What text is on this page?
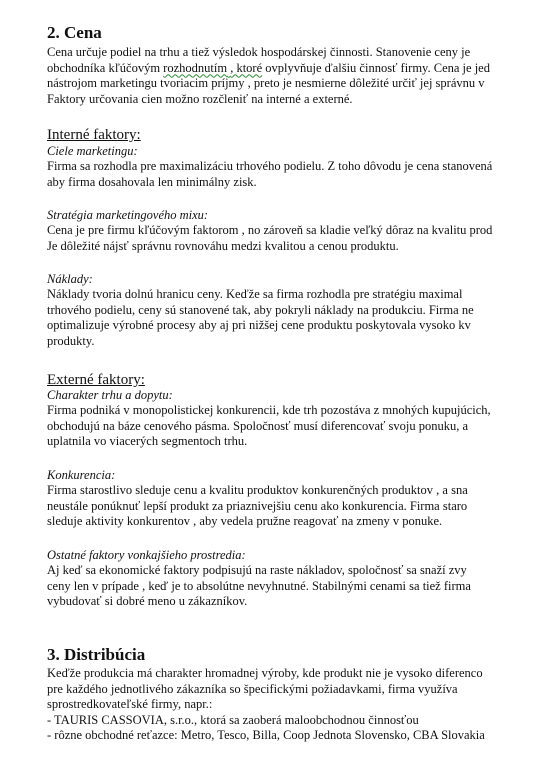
2. Cena
Cena určuje podiel na trhu a tiež výsledok hospodárskej činnosti. Stanovenie ceny je
obchodníka kľúčovým rozhodnutím , ktoré ovplyvňuje ďalšiu činnosť firmy. Cena je jed
nástrojom marketingu tvoriacim príjmy , preto je nesmierne dôležité určiť jej správnu v
Faktory určovania cien možno rozčleniť na interné a externé.
Interné faktory:
Ciele marketingu:
Firma sa rozhodla pre maximalizáciu trhového podielu. Z toho dôvodu je cena stanovená
aby firma dosahovala len minimálny zisk.
Stratégia marketingového mixu:
Cena je pre firmu kľúčovým faktorom , no zároveň sa kladie veľký dôraz na kvalitu prod
Je dôležité nájsť správnu rovnováhu medzi kvalitou a cenou produktu.
Náklady:
Náklady tvoria dolnú hranicu ceny. Keďže sa firma rozhodla pre stratégiu maximal
trhového podielu, ceny sú stanovené tak, aby pokryli náklady na produkciu. Firma ne
optimalizuje výrobné procesy aby aj pri nižšej cene produktu poskytovala vysoko kv
produkty.
Externé faktory:
Charakter trhu a dopytu:
Firma podniká v monopolistickej konkurencii, kde trh pozostáva z mnohých kupujúcich,
obchodujú na báze cenového pásma. Spoločnosť musí diferencovať svoju ponuku, a
uplatnila vo viacerých segmentoch trhu.
Konkurencia:
Firma starostlivo sleduje cenu a kvalitu produktov konkurenčných produktov , a sna
neustále ponúknuť lepší produkt za priaznivejšiu cenu ako konkurencia. Firma staro
sleduje aktivity konkurentov , aby vedela pružne reagovať na zmeny v ponuke.
Ostatné faktory vonkajšieho prostredia:
Aj keď sa ekonomické faktory podpisujú na raste nákladov, spoločnosť sa snaží zvy
ceny len v prípade , keď je to absolútne nevyhnutné. Stabilnými cenami sa tiež firma
vybudovať si dobré meno u zákazníkov.
3. Distribúcia
Keďže produkcia má charakter hromadnej výroby, kde produkt nie je vysoko diferenco
pre každého jednotlivého zákazníka so špecifickými požiadavkami, firma využíva
sprostredkovateľské firmy, napr.:
- TAURIS CASSOVIA, s.r.o., ktorá sa zaoberá maloobchodnou činnosťou
- rôzne obchodné reťazce: Metro, Tesco, Billa, Coop Jednota Slovensko, CBA Slovakia
